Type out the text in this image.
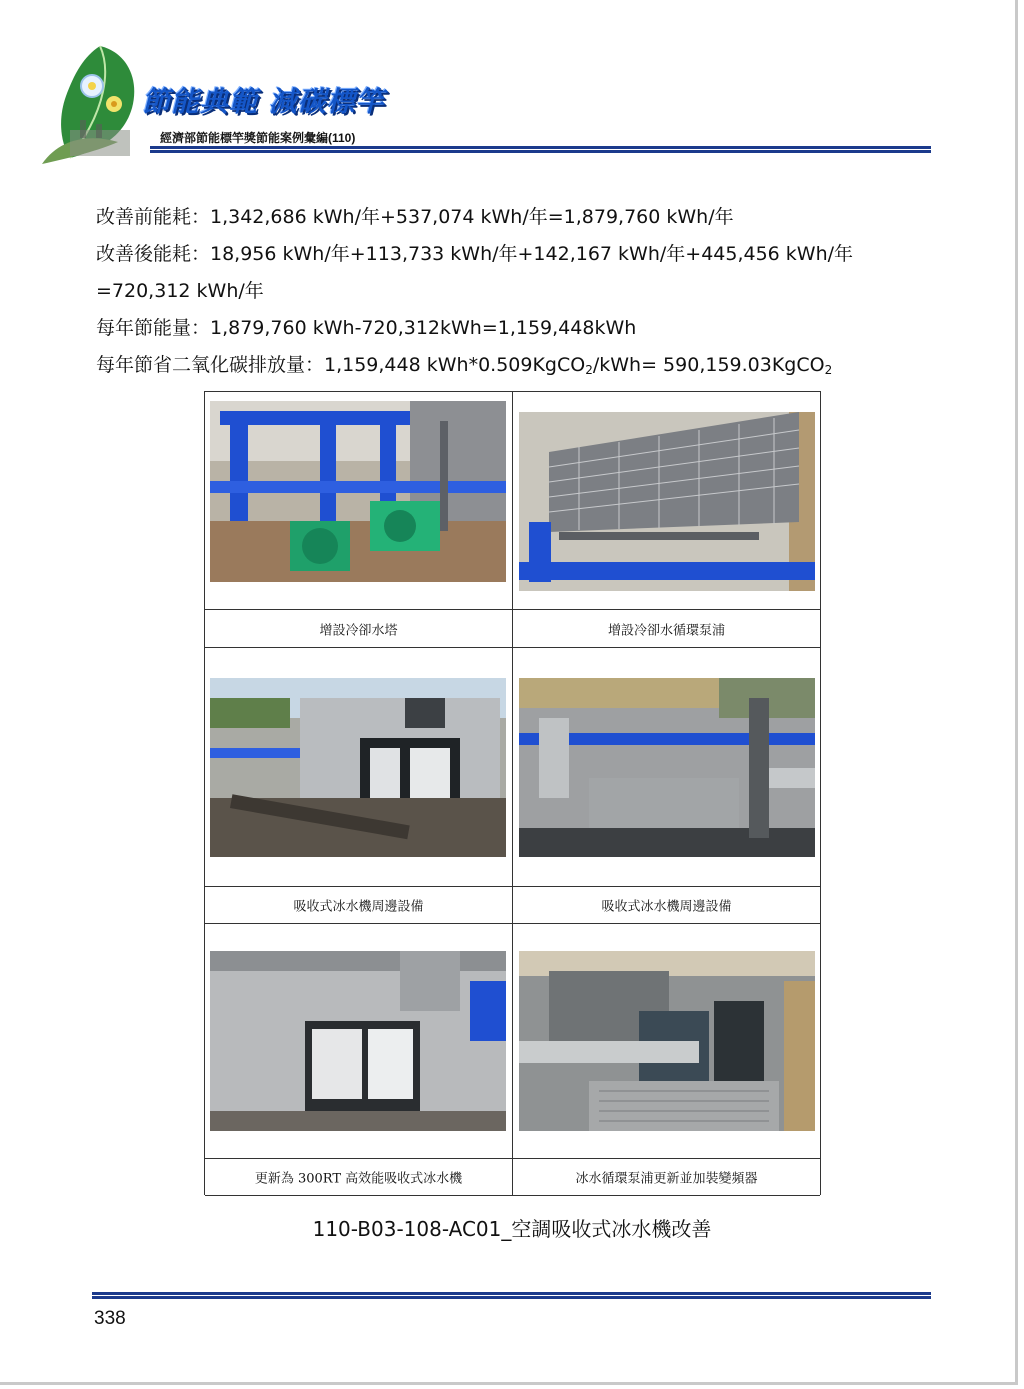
節能典範 減碳標竿
經濟部節能標竿獎節能案例彙編(110)
改善前能耗：1,342,686 kWh/年+537,074 kWh/年=1,879,760 kWh/年
改善後能耗：18,956 kWh/年+113,733 kWh/年+142,167 kWh/年+445,456 kWh/年
=720,312 kWh/年
每年節能量：1,879,760 kWh-720,312kWh=1,159,448kWh
每年節省二氧化碳排放量：1,159,448 kWh*0.509KgCO$_2$/kWh= 590,159.03KgCO$_2$
增設冷卻水塔	增設冷卻水循環泵浦
吸收式冰水機周邊設備	吸收式冰水機周邊設備
更新為 300RT 高效能吸收式冰水機	冰水循環泵浦更新並加裝變頻器
110-B03-108-AC01_空調吸收式冰水機改善
338
